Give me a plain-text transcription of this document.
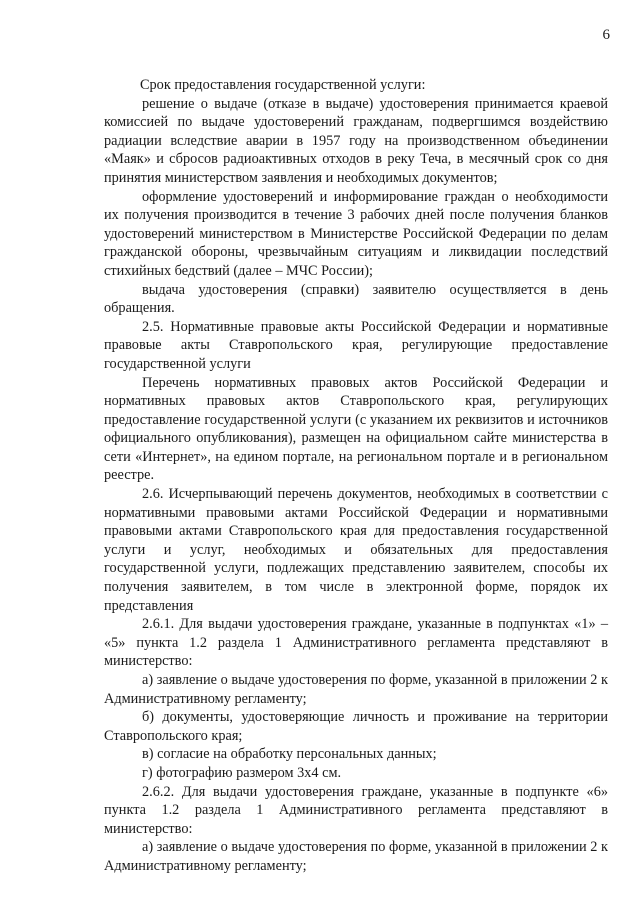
6

Срок предоставления государственной услуги:

решение о выдаче (отказе в выдаче) удостоверения принимается краевой комиссией по выдаче удостоверений гражданам, подвергшимся воздействию радиации вследствие аварии в 1957 году на производственном объединении «Маяк» и сбросов радиоактивных отходов в реку Теча, в месячный срок со дня принятия министерством заявления и необходимых документов;

оформление удостоверений и информирование граждан о необходимости их получения производится в течение 3 рабочих дней после получения бланков удостоверений министерством в Министерстве Российской Федерации по делам гражданской обороны, чрезвычайным ситуациям и ликвидации последствий стихийных бедствий (далее – МЧС России);

выдача удостоверения (справки) заявителю осуществляется в день обращения.

2.5. Нормативные правовые акты Российской Федерации и нормативные правовые акты Ставропольского края, регулирующие предоставление государственной услуги

Перечень нормативных правовых актов Российской Федерации и нормативных правовых актов Ставропольского края, регулирующих предоставление государственной услуги (с указанием их реквизитов и источников официального опубликования), размещен на официальном сайте министерства в сети «Интернет», на едином портале, на региональном портале и в региональном реестре.

2.6. Исчерпывающий перечень документов, необходимых в соответствии с нормативными правовыми актами Российской Федерации и нормативными правовыми актами Ставропольского края для предоставления государственной услуги и услуг, необходимых и обязательных для предоставления государственной услуги, подлежащих представлению заявителем, способы их получения заявителем, в том числе в электронной форме, порядок их представления

2.6.1. Для выдачи удостоверения граждане, указанные в подпунктах «1» – «5» пункта 1.2 раздела 1 Административного регламента представляют в министерство:

а) заявление о выдаче удостоверения по форме, указанной в приложении 2 к Административному регламенту;

б) документы, удостоверяющие личность и проживание на территории Ставропольского края;

в) согласие на обработку персональных данных;

г) фотографию размером 3х4 см.

2.6.2. Для выдачи удостоверения граждане, указанные в подпункте «6» пункта 1.2 раздела 1 Административного регламента представляют в министерство:

а) заявление о выдаче удостоверения по форме, указанной в приложении 2 к Административному регламенту;
